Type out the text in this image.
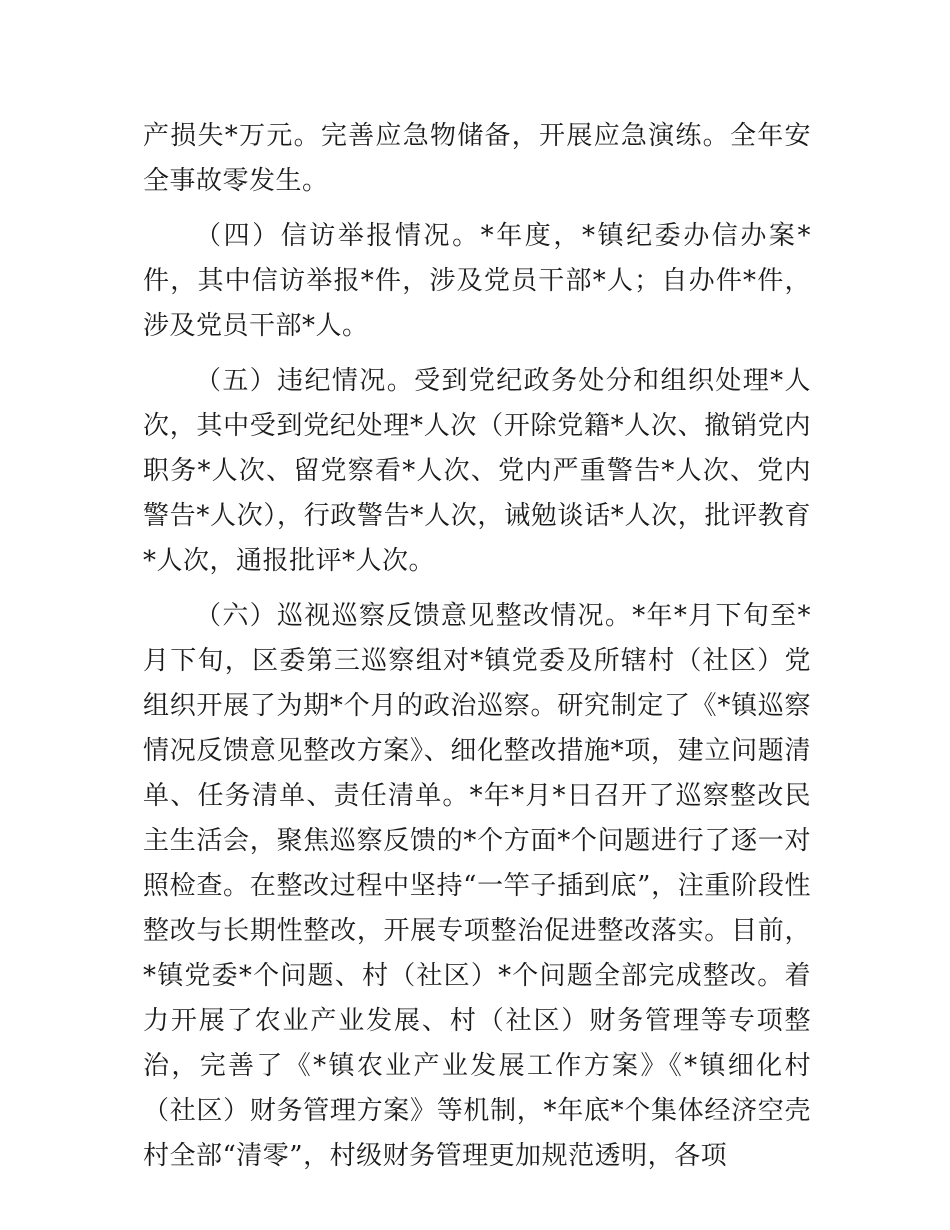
产损失*万元。完善应急物储备，开展应急演练。全年安全事故零发生。

（四）信访举报情况。*年度，*镇纪委办信办案*件，其中信访举报*件，涉及党员干部*人；自办件*件，涉及党员干部*人。

（五）违纪情况。受到党纪政务处分和组织处理*人次，其中受到党纪处理*人次（开除党籍*人次、撤销党内职务*人次、留党察看*人次、党内严重警告*人次、党内警告*人次），行政警告*人次，诫勉谈话*人次，批评教育*人次，通报批评*人次。

（六）巡视巡察反馈意见整改情况。*年*月下旬至*月下旬，区委第三巡察组对*镇党委及所辖村（社区）党组织开展了为期*个月的政治巡察。研究制定了《*镇巡察情况反馈意见整改方案》、细化整改措施*项，建立问题清单、任务清单、责任清单。*年*月*日召开了巡察整改民主生活会，聚焦巡察反馈的*个方面*个问题进行了逐一对照检查。在整改过程中坚持“一竿子插到底”，注重阶段性整改与长期性整改，开展专项整治促进整改落实。目前，*镇党委*个问题、村（社区）*个问题全部完成整改。着力开展了农业产业发展、村（社区）财务管理等专项整治，完善了《*镇农业产业发展工作方案》《*镇细化村（社区）财务管理方案》等机制，*年底*个集体经济空壳村全部“清零”，村级财务管理更加规范透明，各项
